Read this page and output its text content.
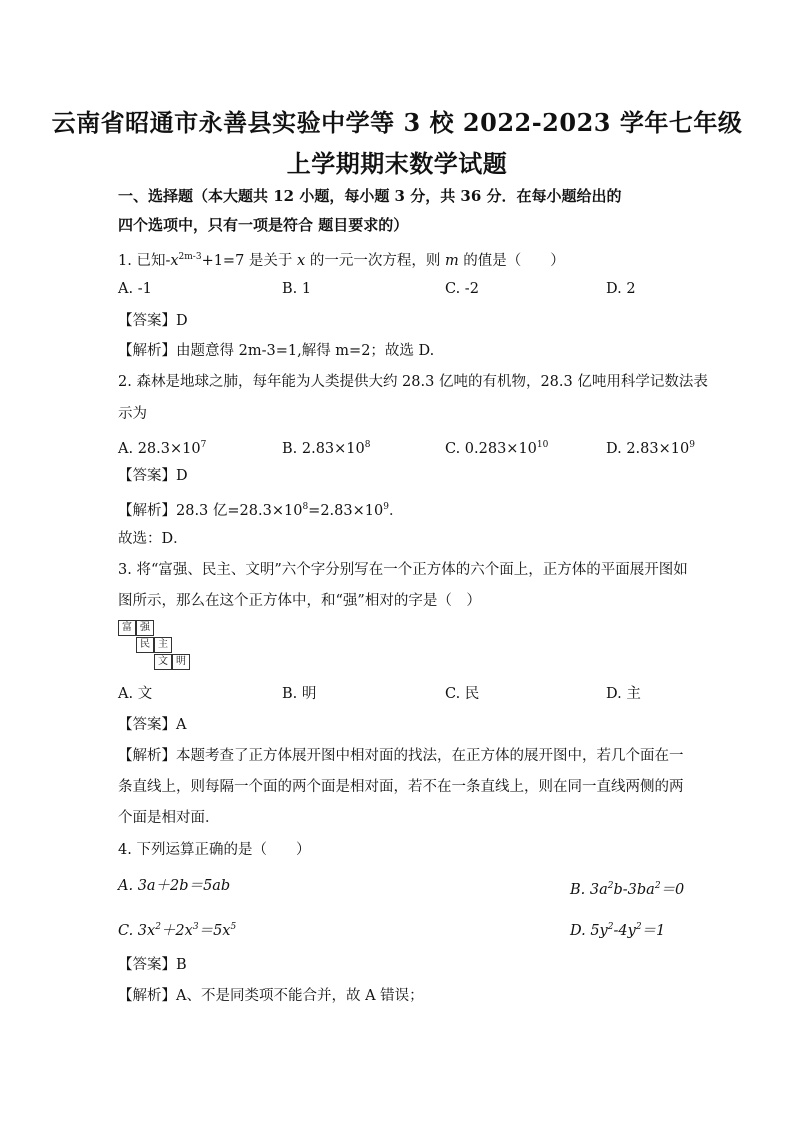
云南省昭通市永善县实验中学等 3 校 2022-2023 学年七年级
上学期期末数学试题
一、选择题（本大题共 12 小题，每小题 3 分，共 36 分．在每小题给出的
四个选项中，只有一项是符合 题目要求的）
1. 已知$-x^{2m-3}+1=7$ 是关于 x 的一元一次方程，则 m 的值是（　　）
A. -1	B. 1	C. -2	D. 2
【答案】D
【解析】由题意得 2m-3=1,解得 m=2；故选 D.
2. 森林是地球之肺，每年能为人类提供大约 28.3 亿吨的有机物，28.3 亿吨用科学记数法表
示为
A. $28.3\times 10^7$	B. $2.83\times 10^8$	C. $0.283\times 10^{10}$	D. $2.83\times 10^9$
【答案】D
【解析】28.3 亿$=28.3\times 10^8=2.83\times 10^9$．
故选：D．
3. 将“富强、民主、文明”六个字分别写在一个正方体的六个面上，正方体的平面展开图如
图所示，那么在这个正方体中，和“强”相对的字是（　）
富 强
民 主
文 明
A. 文	B. 明	C. 民	D. 主
【答案】A
【解析】本题考查了正方体展开图中相对面的找法，在正方体的展开图中，若几个面在一
条直线上，则每隔一个面的两个面是相对面，若不在一条直线上，则在同一直线两侧的两
个面是相对面．
4. 下列运算正确的是（　　）
A. 3a＋2b＝5ab	B. $3a^2b-3ba^2=0$
C. $3x^2+2x^3=5x^5$	D. $5y^2-4y^2=1$
【答案】B
【解析】A、不是同类项不能合并，故 A 错误；
